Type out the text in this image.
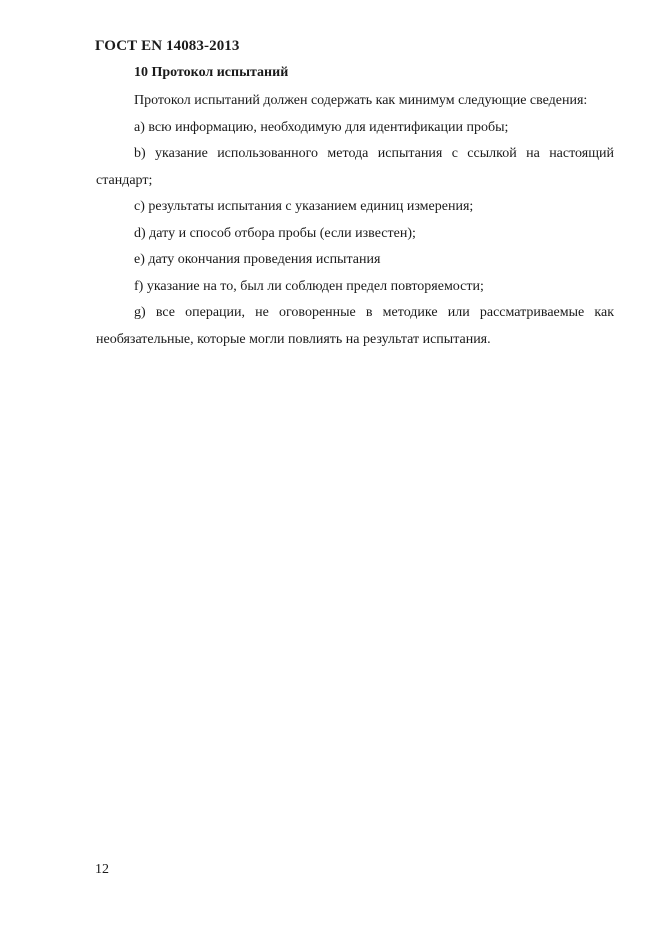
ГОСТ EN 14083-2013
10 Протокол испытаний

Протокол испытаний должен содержать как минимум следующие сведения:

a) всю информацию, необходимую для идентификации пробы;

b) указание использованного метода испытания с ссылкой на настоящий стандарт;

c) результаты испытания с указанием единиц измерения;

d) дату и способ отбора пробы (если известен);

e) дату окончания проведения испытания

f) указание на то, был ли соблюден предел повторяемости;

g) все операции, не оговоренные в методике или рассматриваемые как необязательные, которые могли повлиять на результат испытания.

12
